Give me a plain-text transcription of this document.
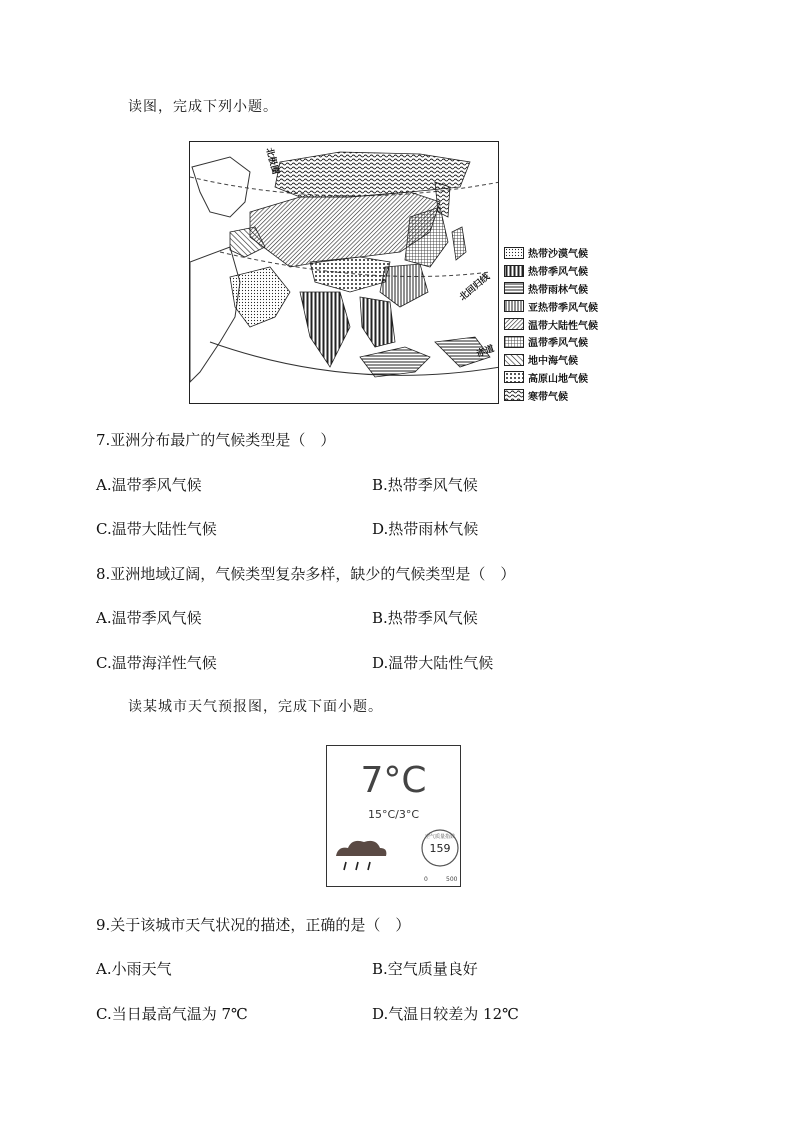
读图，完成下列小题。
北极圈
北回归线
赤道
热带沙漠气候
热带季风气候
热带雨林气候
亚热带季风气候
温带大陆性气候
温带季风气候
地中海气候
高原山地气候
寒带气候
7.亚洲分布最广的气候类型是（　）
A.温带季风气候	B.热带季风气候
C.温带大陆性气候	D.热带雨林气候
8.亚洲地域辽阔，气候类型复杂多样，缺少的气候类型是（　）
A.温带季风气候	B.热带季风气候
C.温带海洋性气候	D.温带大陆性气候
读某城市天气预报图，完成下面小题。
7°C
15°C/3°C
空气质量指数
159
0	500
9.关于该城市天气状况的描述，正确的是（　）
A.小雨天气	B.空气质量良好
C.当日最高气温为 7℃	D.气温日较差为 12℃
